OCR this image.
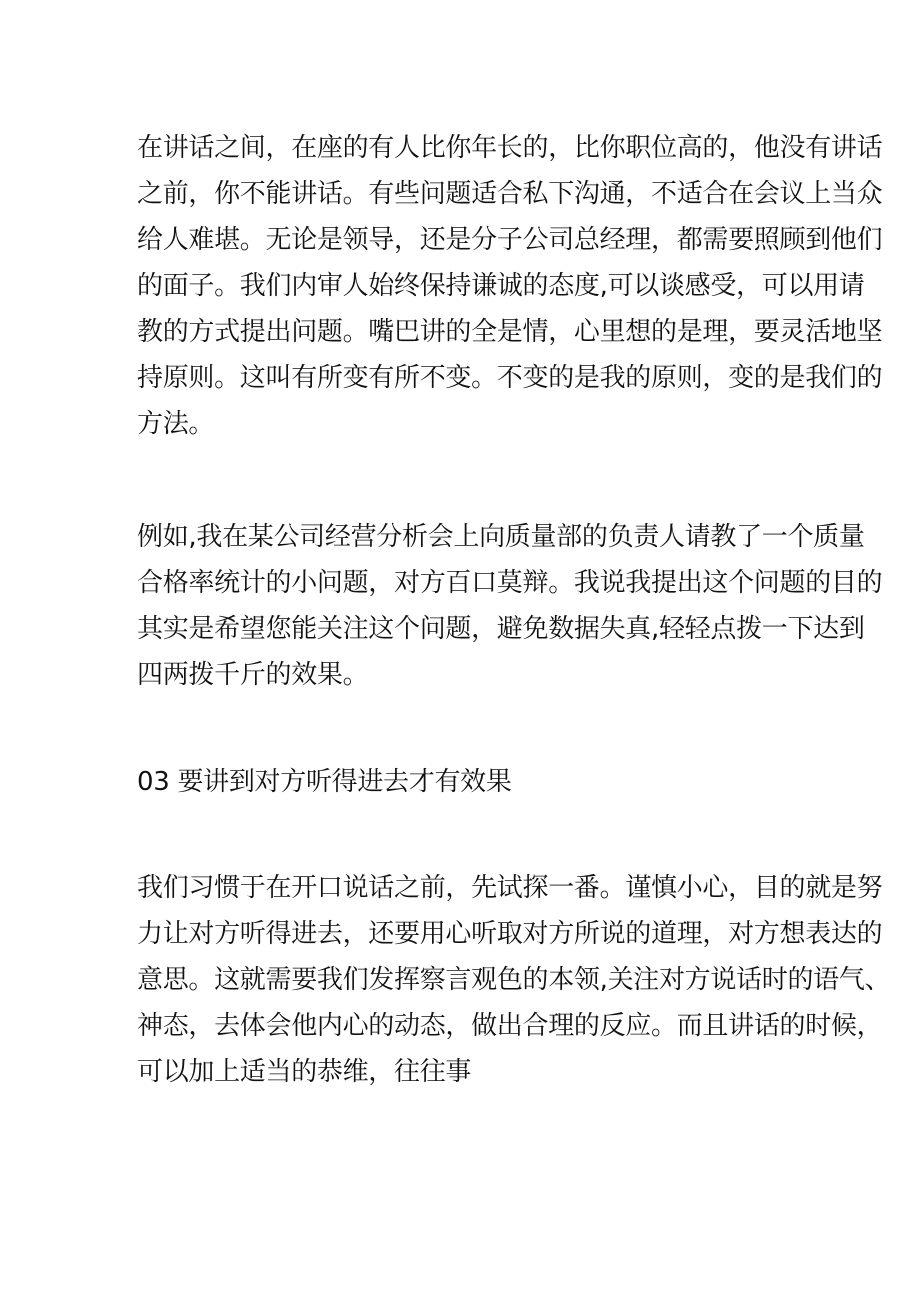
在讲话之间，在座的有人比你年长的，比你职位高的，他没有讲话
之前，你不能讲话。有些问题适合私下沟通，不适合在会议上当众
给人难堪。无论是领导，还是分子公司总经理，都需要照顾到他们
的面子。我们内审人始终保持谦诚的态度,可以谈感受，可以用请
教的方式提出问题。嘴巴讲的全是情，心里想的是理，要灵活地坚
持原则。这叫有所变有所不变。不变的是我的原则，变的是我们的
方法。

例如,我在某公司经营分析会上向质量部的负责人请教了一个质量
合格率统计的小问题，对方百口莫辩。我说我提出这个问题的目的
其实是希望您能关注这个问题，避免数据失真,轻轻点拨一下达到
四两拨千斤的效果。

03 要讲到对方听得进去才有效果

我们习惯于在开口说话之前，先试探一番。谨慎小心，目的就是努
力让对方听得进去，还要用心听取对方所说的道理，对方想表达的
意思。这就需要我们发挥察言观色的本领,关注对方说话时的语气、
神态，去体会他内心的动态，做出合理的反应。而且讲话的时候，
可以加上适当的恭维，往往事
